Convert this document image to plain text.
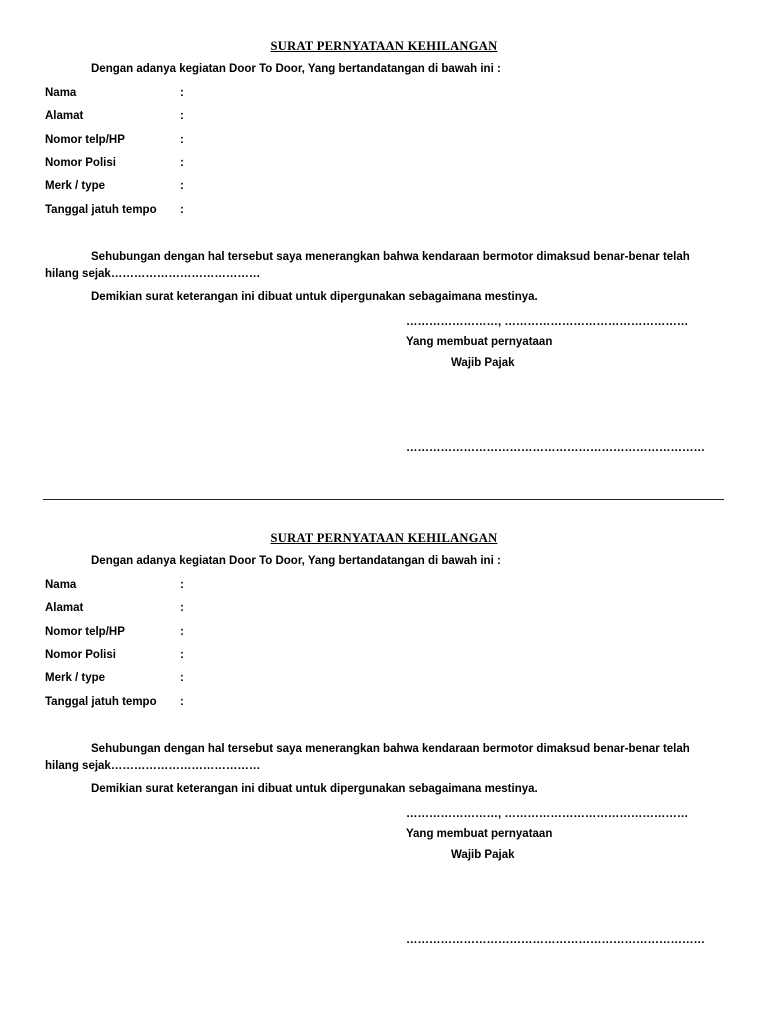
SURAT PERNYATAAN KEHILANGAN
Dengan adanya kegiatan Door To Door, Yang bertandatangan di bawah ini :
Nama	:
Alamat	:
Nomor telp/HP	:
Nomor Polisi	:
Merk / type	:
Tanggal jatuh tempo :
Sehubungan dengan hal tersebut saya menerangkan bahwa kendaraan bermotor dimaksud benar-benar telah
hilang sejak…………………………………
Demikian surat keterangan ini dibuat untuk dipergunakan sebagaimana mestinya.
……………………, …………………………………………
Yang membuat pernyataan
Wajib Pajak
……………………………………………………………………
SURAT PERNYATAAN KEHILANGAN
Dengan adanya kegiatan Door To Door, Yang bertandatangan di bawah ini :
Nama	:
Alamat	:
Nomor telp/HP	:
Nomor Polisi	:
Merk / type	:
Tanggal jatuh tempo :
Sehubungan dengan hal tersebut saya menerangkan bahwa kendaraan bermotor dimaksud benar-benar telah
hilang sejak…………………………………
Demikian surat keterangan ini dibuat untuk dipergunakan sebagaimana mestinya.
……………………, …………………………………………
Yang membuat pernyataan
Wajib Pajak
……………………………………………………………………
